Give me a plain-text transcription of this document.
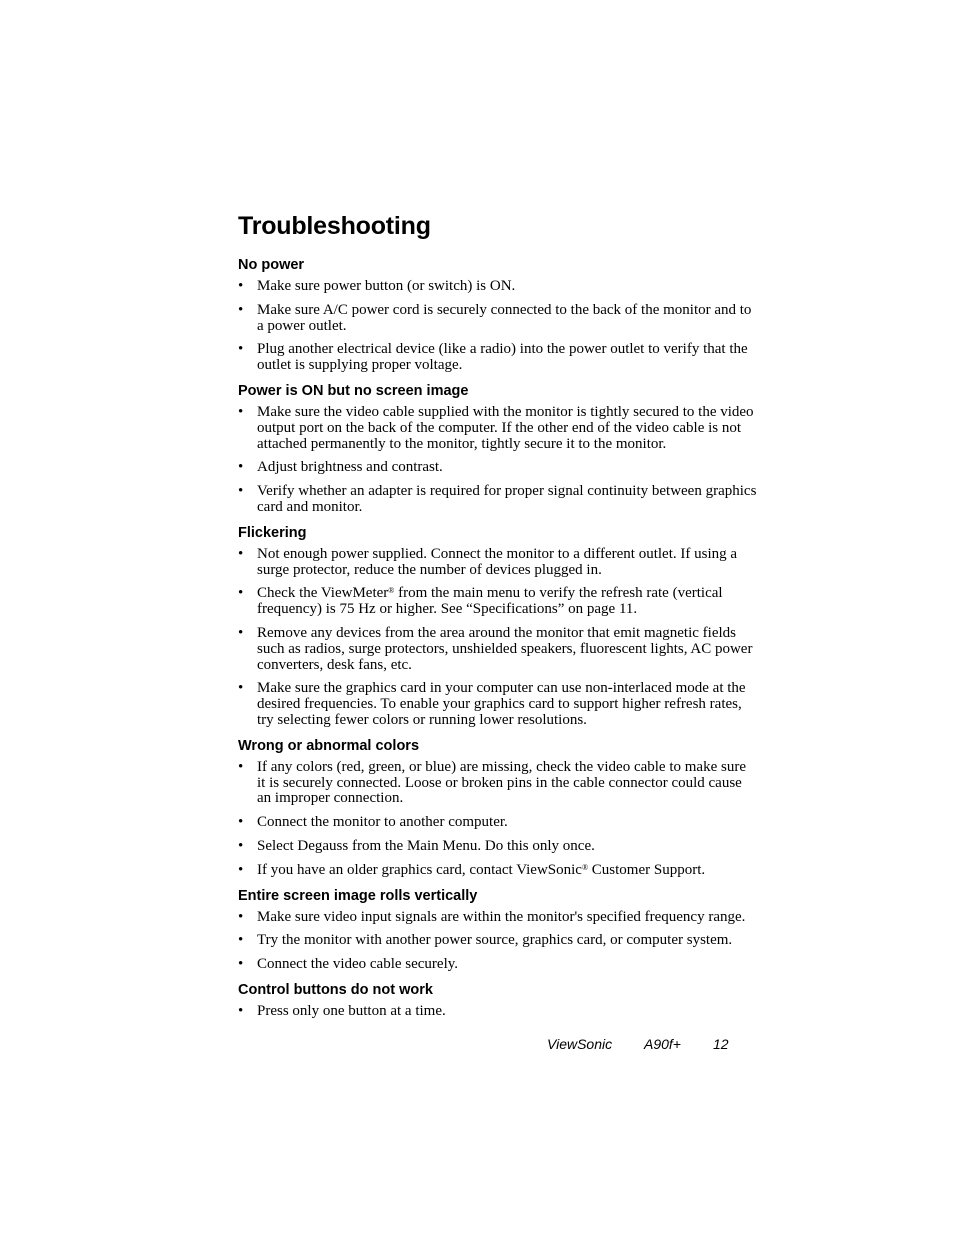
Troubleshooting
No power
• Make sure power button (or switch) is ON.
• Make sure A/C power cord is securely connected to the back of the monitor and to a power outlet.
• Plug another electrical device (like a radio) into the power outlet to verify that the outlet is supplying proper voltage.
Power is ON but no screen image
• Make sure the video cable supplied with the monitor is tightly secured to the video output port on the back of the computer. If the other end of the video cable is not attached permanently to the monitor, tightly secure it to the monitor.
• Adjust brightness and contrast.
• Verify whether an adapter is required for proper signal continuity between graphics card and monitor.
Flickering
• Not enough power supplied. Connect the monitor to a different outlet. If using a surge protector, reduce the number of devices plugged in.
• Check the ViewMeter® from the main menu to verify the refresh rate (vertical frequency) is 75 Hz or higher. See “Specifications” on page 11.
• Remove any devices from the area around the monitor that emit magnetic fields such as radios, surge protectors, unshielded speakers, fluorescent lights, AC power converters, desk fans, etc.
• Make sure the graphics card in your computer can use non-interlaced mode at the desired frequencies. To enable your graphics card to support higher refresh rates, try selecting fewer colors or running lower resolutions.
Wrong or abnormal colors
• If any colors (red, green, or blue) are missing, check the video cable to make sure it is securely connected. Loose or broken pins in the cable connector could cause an improper connection.
• Connect the monitor to another computer.
• Select Degauss from the Main Menu. Do this only once.
• If you have an older graphics card, contact ViewSonic® Customer Support.
Entire screen image rolls vertically
• Make sure video input signals are within the monitor's specified frequency range.
• Try the monitor with another power source, graphics card, or computer system.
• Connect the video cable securely.
Control buttons do not work
• Press only one button at a time.
ViewSonic A90f+ 12
